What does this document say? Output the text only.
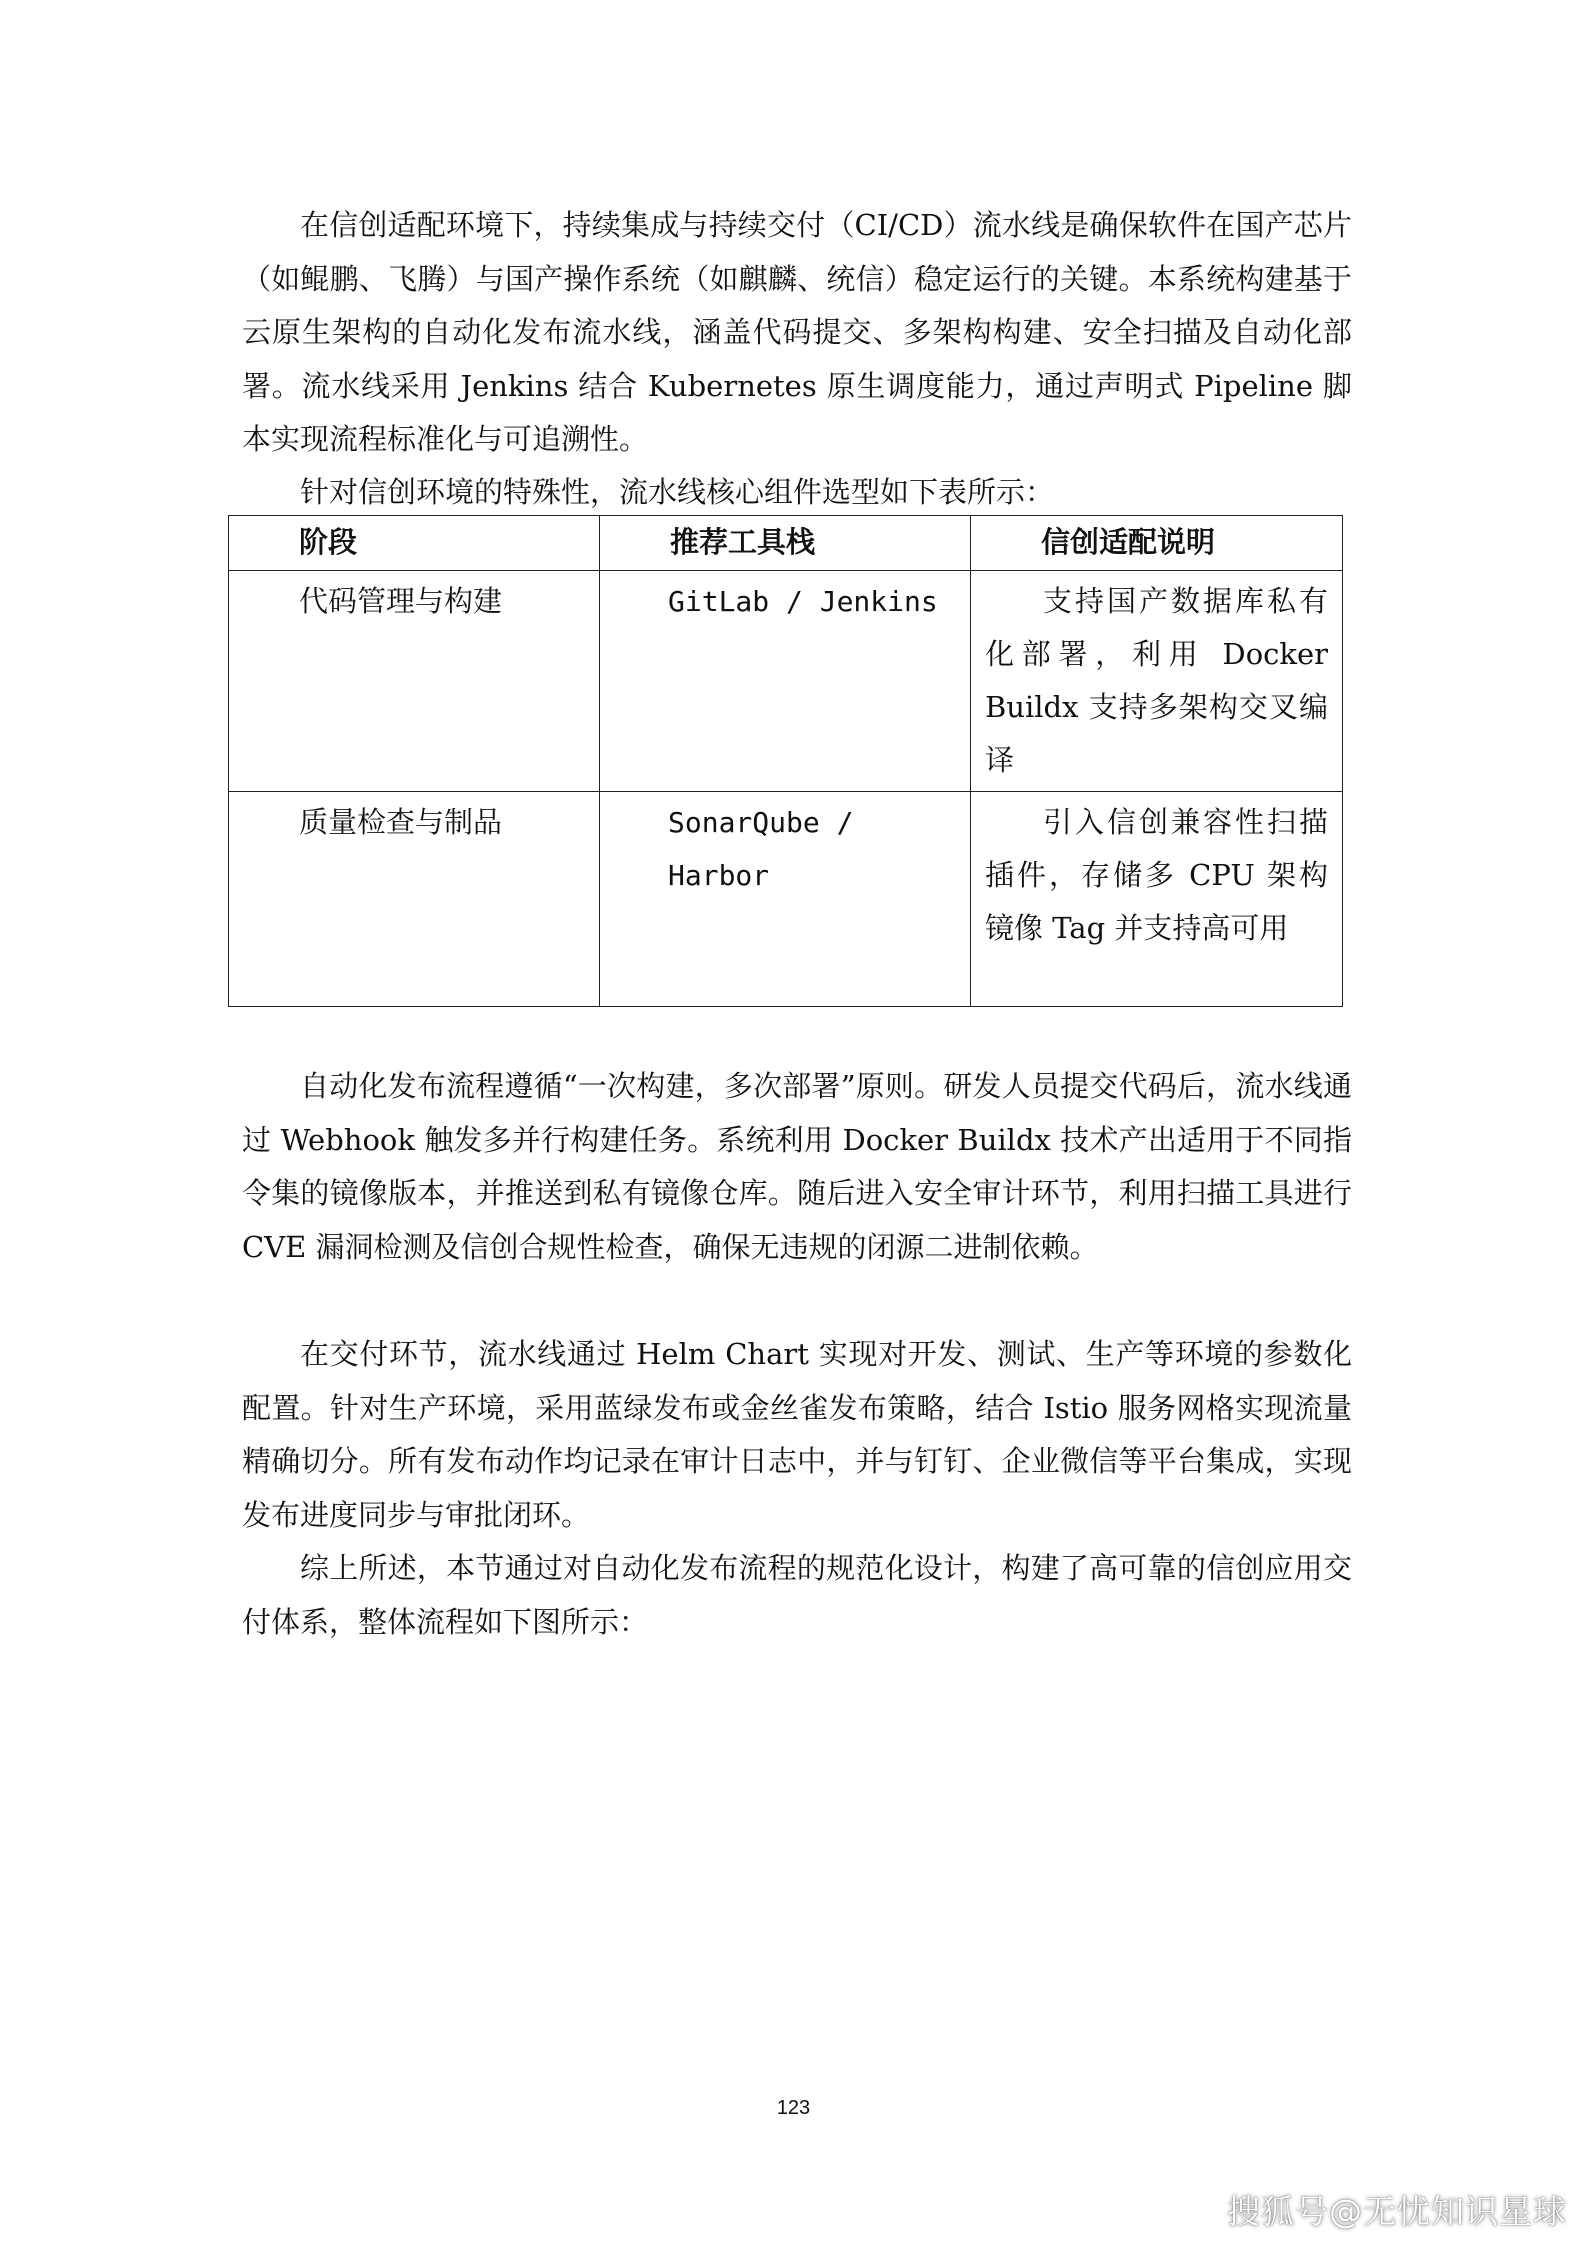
在信创适配环境下，持续集成与持续交付（CI/CD）流水线是确保软件在国产芯片（如鲲鹏、飞腾）与国产操作系统（如麒麟、统信）稳定运行的关键。本系统构建基于云原生架构的自动化发布流水线，涵盖代码提交、多架构构建、安全扫描及自动化部署。流水线采用 Jenkins 结合 Kubernetes 原生调度能力，通过声明式 Pipeline 脚本实现流程标准化与可追溯性。

针对信创环境的特殊性，流水线核心组件选型如下表所示：

阶段	推荐工具栈	信创适配说明
代码管理与构建	GitLab / Jenkins	支持国产数据库私有化部署，利用 Docker Buildx 支持多架构交叉编译
质量检查与制品	SonarQube / Harbor	引入信创兼容性扫描插件，存储多 CPU 架构镜像 Tag 并支持高可用

自动化发布流程遵循“一次构建，多次部署”原则。研发人员提交代码后，流水线通过 Webhook 触发多并行构建任务。系统利用 Docker Buildx 技术产出适用于不同指令集的镜像版本，并推送到私有镜像仓库。随后进入安全审计环节，利用扫描工具进行 CVE 漏洞检测及信创合规性检查，确保无违规的闭源二进制依赖。

在交付环节，流水线通过 Helm Chart 实现对开发、测试、生产等环境的参数化配置。针对生产环境，采用蓝绿发布或金丝雀发布策略，结合 Istio 服务网格实现流量精确切分。所有发布动作均记录在审计日志中，并与钉钉、企业微信等平台集成，实现发布进度同步与审批闭环。

综上所述，本节通过对自动化发布流程的规范化设计，构建了高可靠的信创应用交付体系，整体流程如下图所示：

123
搜狐号@无忧知识星球
